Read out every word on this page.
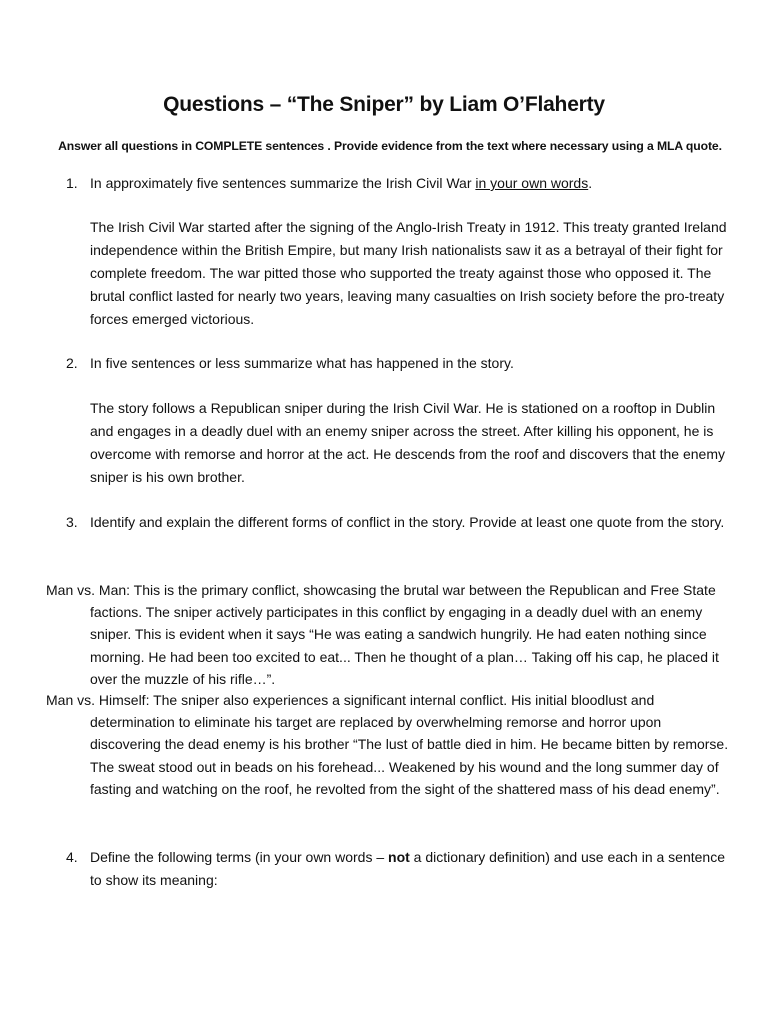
Questions – “The Sniper” by Liam O’Flaherty
Answer all questions in COMPLETE sentences . Provide evidence from the text where necessary using a MLA quote.
1. In approximately five sentences summarize the Irish Civil War in your own words.
The Irish Civil War started after the signing of the Anglo-Irish Treaty in 1912. This treaty granted Ireland independence within the British Empire, but many Irish nationalists saw it as a betrayal of their fight for complete freedom. The war pitted those who supported the treaty against those who opposed it. The brutal conflict lasted for nearly two years, leaving many casualties on Irish society before the pro-treaty forces emerged victorious.
2. In five sentences or less summarize what has happened in the story.
The story follows a Republican sniper during the Irish Civil War. He is stationed on a rooftop in Dublin and engages in a deadly duel with an enemy sniper across the street. After killing his opponent, he is overcome with remorse and horror at the act. He descends from the roof and discovers that the enemy sniper is his own brother.
3. Identify and explain the different forms of conflict in the story. Provide at least one quote from the story.
Man vs. Man: This is the primary conflict, showcasing the brutal war between the Republican and Free State factions. The sniper actively participates in this conflict by engaging in a deadly duel with an enemy sniper. This is evident when it says “He was eating a sandwich hungrily. He had eaten nothing since morning. He had been too excited to eat... Then he thought of a plan… Taking off his cap, he placed it over the muzzle of his rifle…”.
Man vs. Himself: The sniper also experiences a significant internal conflict. His initial bloodlust and determination to eliminate his target are replaced by overwhelming remorse and horror upon discovering the dead enemy is his brother “The lust of battle died in him. He became bitten by remorse. The sweat stood out in beads on his forehead... Weakened by his wound and the long summer day of fasting and watching on the roof, he revolted from the sight of the shattered mass of his dead enemy”.
4. Define the following terms (in your own words – not a dictionary definition) and use each in a sentence to show its meaning:
